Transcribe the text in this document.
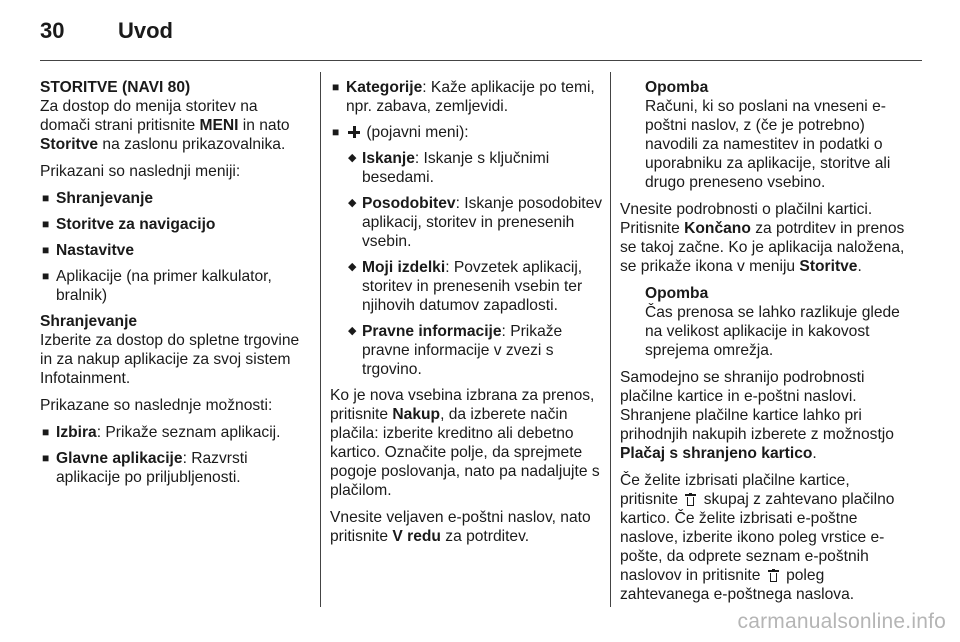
30	Uvod

STORITVE (NAVI 80)

Za dostop do menija storitev na domači strani pritisnite MENI in nato Storitve na zaslonu prikazovalnika.

Prikazani so naslednji meniji:

■ Shranjevanje
■ Storitve za navigacijo
■ Nastavitve
■ Aplikacije (na primer kalkulator, bralnik)

Shranjevanje

Izberite za dostop do spletne trgovine in za nakup aplikacije za svoj sistem Infotainment.

Prikazane so naslednje možnosti:

■ Izbira: Prikaže seznam aplikacij.
■ Glavne aplikacije: Razvrsti aplikacije po priljubljenosti.
■ Kategorije: Kaže aplikacije po temi, npr. zabava, zemljevidi.
■	(pojavni meni):
◆ Iskanje: Iskanje s ključnimi besedami.
◆ Posodobitev: Iskanje posodobitev aplikacij, storitev in prenesenih vsebin.
◆ Moji izdelki: Povzetek aplikacij, storitev in prenesenih vsebin ter njihovih datumov zapadlosti.
◆ Pravne informacije: Prikaže pravne informacije v zvezi s trgovino.

Ko je nova vsebina izbrana za prenos, pritisnite Nakup, da izberete način plačila: izberite kreditno ali debetno kartico. Označite polje, da sprejmete pogoje poslovanja, nato pa nadaljujte s plačilom.

Vnesite veljaven e-poštni naslov, nato pritisnite V redu za potrditev.

Opomba
Računi, ki so poslani na vneseni e-poštni naslov, z (če je potrebno) navodili za namestitev in podatki o uporabniku za aplikacije, storitve ali drugo preneseno vsebino.

Vnesite podrobnosti o plačilni kartici. Pritisnite Končano za potrditev in prenos se takoj začne. Ko je aplikacija naložena, se prikaže ikona v meniju Storitve.

Opomba
Čas prenosa se lahko razlikuje glede na velikost aplikacije in kakovost sprejema omrežja.

Samodejno se shranijo podrobnosti plačilne kartice in e-poštni naslovi. Shranjene plačilne kartice lahko pri prihodnjih nakupih izberete z možnostjo Plačaj s shranjeno kartico.

Če želite izbrisati plačilne kartice, pritisnite
skupaj z zahtevano plačilno kartico. Če želite izbrisati e-poštne naslove, izberite ikono poleg vrstice e-pošte, da odprete seznam e-poštnih naslovov in pritisnite
poleg zahtevanega e-poštnega naslova.

carmanualsonline.info
